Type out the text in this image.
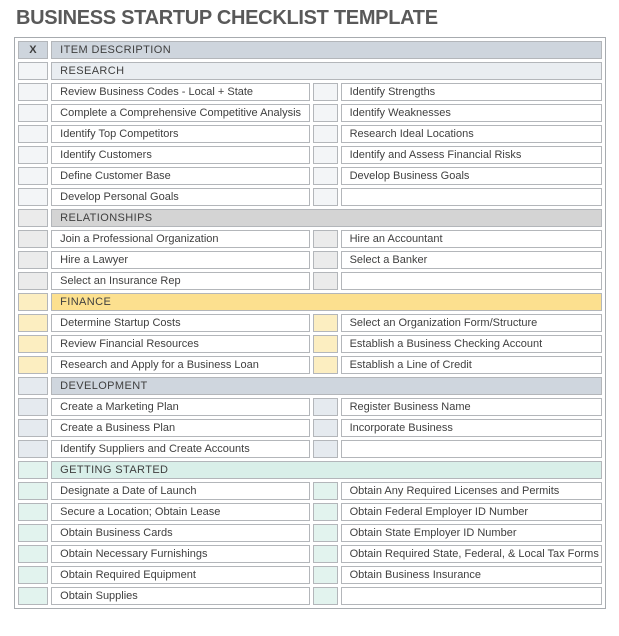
BUSINESS STARTUP CHECKLIST TEMPLATE
X	ITEM DESCRIPTION		
	RESEARCH		
	Review Business Codes - Local + State		Identify Strengths
	Complete a Comprehensive Competitive Analysis		Identify Weaknesses
	Identify Top Competitors		Research Ideal Locations
	Identify Customers		Identify and Assess Financial Risks
	Define Customer Base		Develop Business Goals
	Develop Personal Goals		
	RELATIONSHIPS		
	Join a Professional Organization		Hire an Accountant
	Hire a Lawyer		Select a Banker
	Select an Insurance Rep		
	FINANCE		
	Determine Startup Costs		Select an Organization Form/Structure
	Review Financial Resources		Establish a Business Checking Account
	Research and Apply for a Business Loan		Establish a Line of Credit
	DEVELOPMENT		
	Create a Marketing Plan		Register Business Name
	Create a Business Plan		Incorporate Business
	Identify Suppliers and Create Accounts		
	GETTING STARTED		
	Designate a Date of Launch		Obtain Any Required Licenses and Permits
	Secure a Location; Obtain Lease		Obtain Federal Employer ID Number
	Obtain Business Cards		Obtain State Employer ID Number
	Obtain Necessary Furnishings		Obtain Required State, Federal, & Local Tax Forms
	Obtain Required Equipment		Obtain Business Insurance
	Obtain Supplies		
